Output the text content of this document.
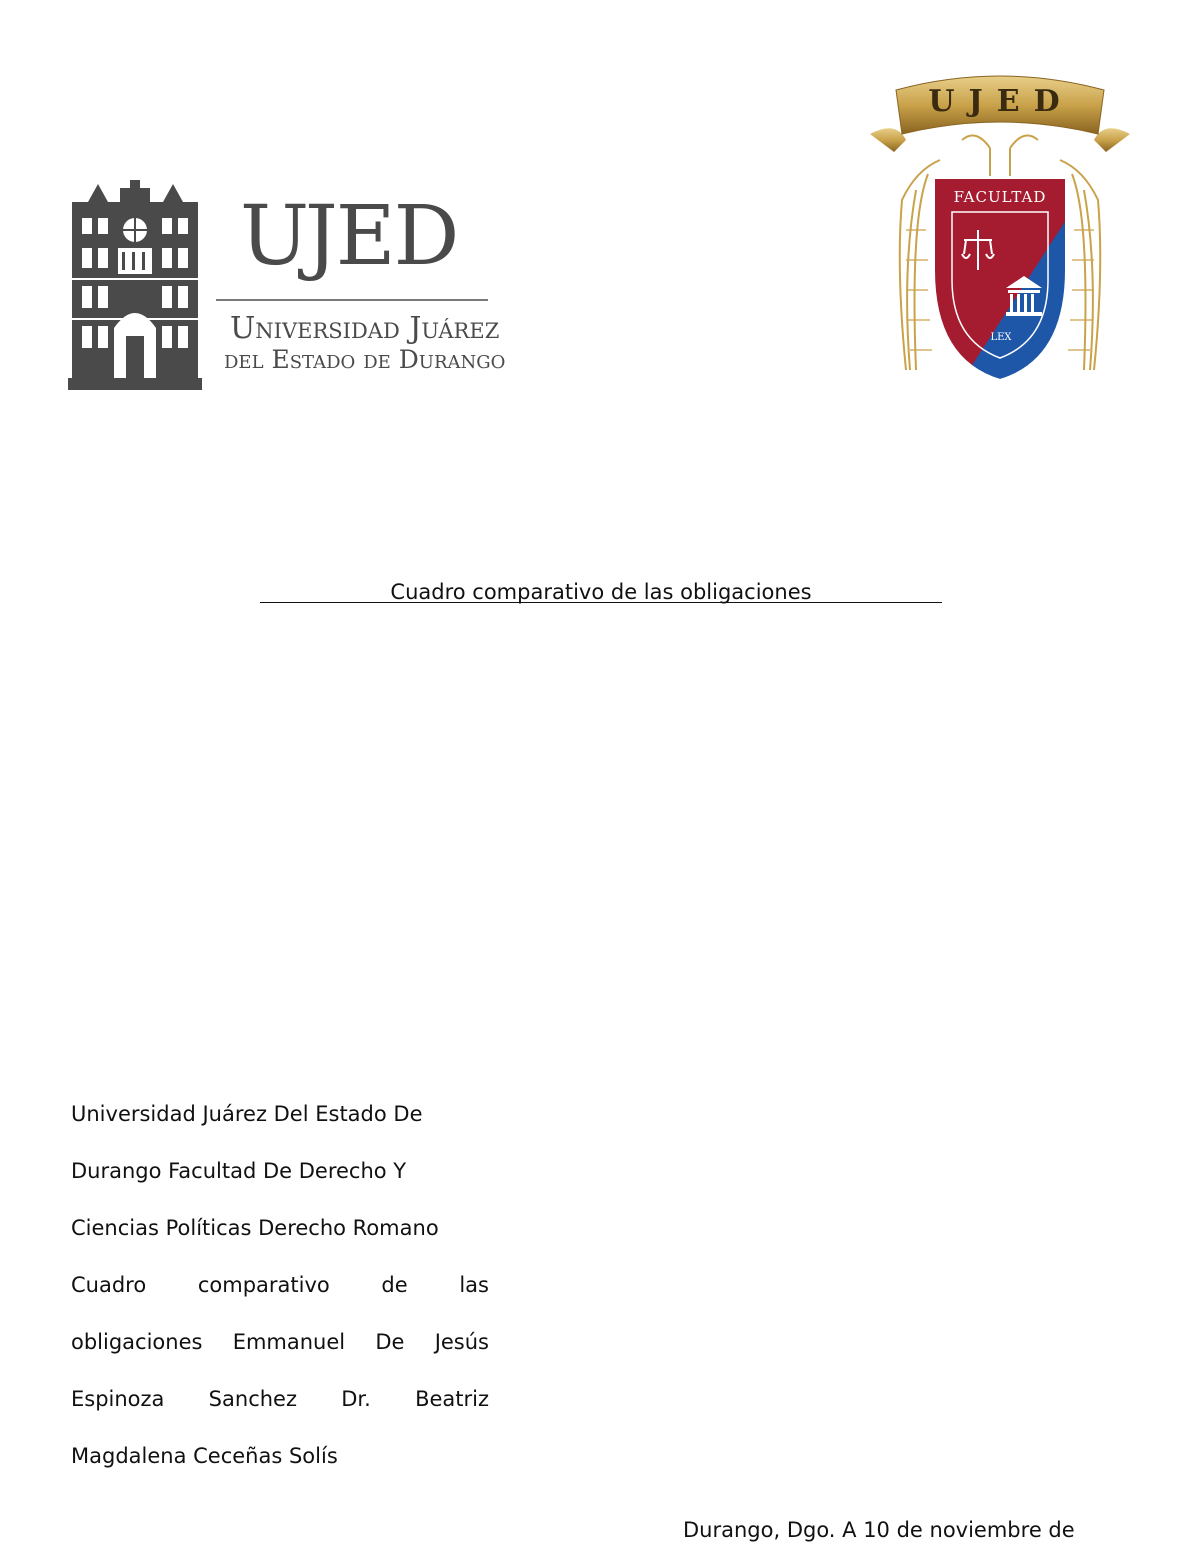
UJED
Universidad Juárez
del Estado de Durango
UJED
FACULTAD
LEX
Cuadro comparativo de las obligaciones
Universidad Juárez Del Estado De
Durango Facultad De Derecho Y
Ciencias Políticas Derecho Romano
Cuadro comparativo de las
obligaciones Emmanuel De Jesús
Espinoza Sanchez Dr. Beatriz
Magdalena Ceceñas Solís
Durango, Dgo. A 10 de noviembre de
